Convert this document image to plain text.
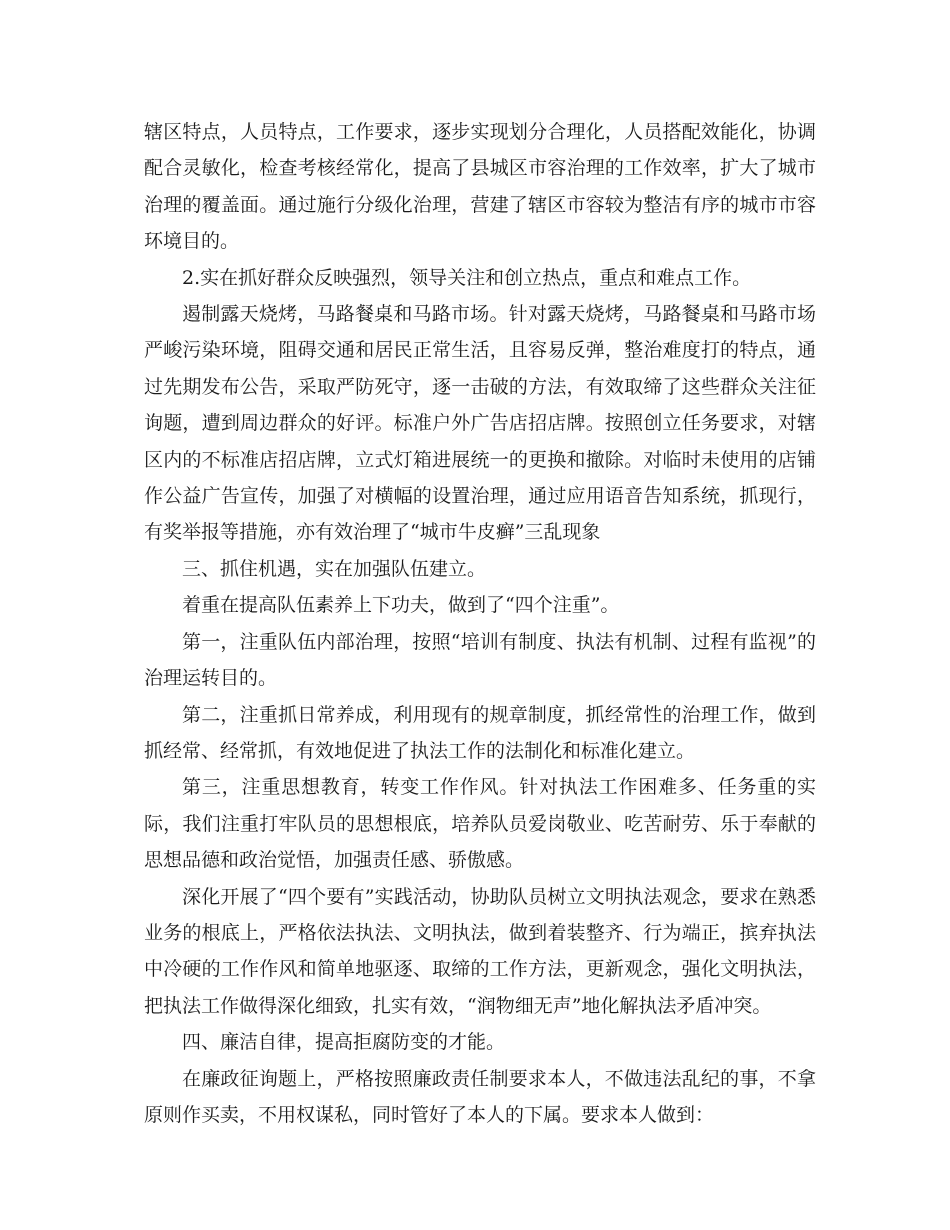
辖区特点，人员特点，工作要求，逐步实现划分合理化，人员搭配效能化，协调配合灵敏化，检查考核经常化，提高了县城区市容治理的工作效率，扩大了城市治理的覆盖面。通过施行分级化治理，营建了辖区市容较为整洁有序的城市市容环境目的。

2.实在抓好群众反映强烈，领导关注和创立热点，重点和难点工作。

遏制露天烧烤，马路餐桌和马路市场。针对露天烧烤，马路餐桌和马路市场严峻污染环境，阻碍交通和居民正常生活，且容易反弹，整治难度打的特点，通过先期发布公告，采取严防死守，逐一击破的方法，有效取缔了这些群众关注征询题，遭到周边群众的好评。标准户外广告店招店牌。按照创立任务要求，对辖区内的不标准店招店牌，立式灯箱进展统一的更换和撤除。对临时未使用的店铺作公益广告宣传，加强了对横幅的设置治理，通过应用语音告知系统，抓现行，有奖举报等措施，亦有效治理了“城市牛皮癣”三乱现象

三、抓住机遇，实在加强队伍建立。

着重在提高队伍素养上下功夫，做到了“四个注重”。

第一，注重队伍内部治理，按照“培训有制度、执法有机制、过程有监视”的治理运转目的。

第二，注重抓日常养成，利用现有的规章制度，抓经常性的治理工作，做到抓经常、经常抓，有效地促进了执法工作的法制化和标准化建立。

第三，注重思想教育，转变工作作风。针对执法工作困难多、任务重的实际，我们注重打牢队员的思想根底，培养队员爱岗敬业、吃苦耐劳、乐于奉献的思想品德和政治觉悟，加强责任感、骄傲感。

深化开展了“四个要有”实践活动，协助队员树立文明执法观念，要求在熟悉业务的根底上，严格依法执法、文明执法，做到着装整齐、行为端正，摈弃执法中冷硬的工作作风和简单地驱逐、取缔的工作方法，更新观念，强化文明执法，把执法工作做得深化细致，扎实有效，“润物细无声”地化解执法矛盾冲突。

四、廉洁自律，提高拒腐防变的才能。

在廉政征询题上，严格按照廉政责任制要求本人，不做违法乱纪的事，不拿原则作买卖，不用权谋私，同时管好了本人的下属。要求本人做到：
